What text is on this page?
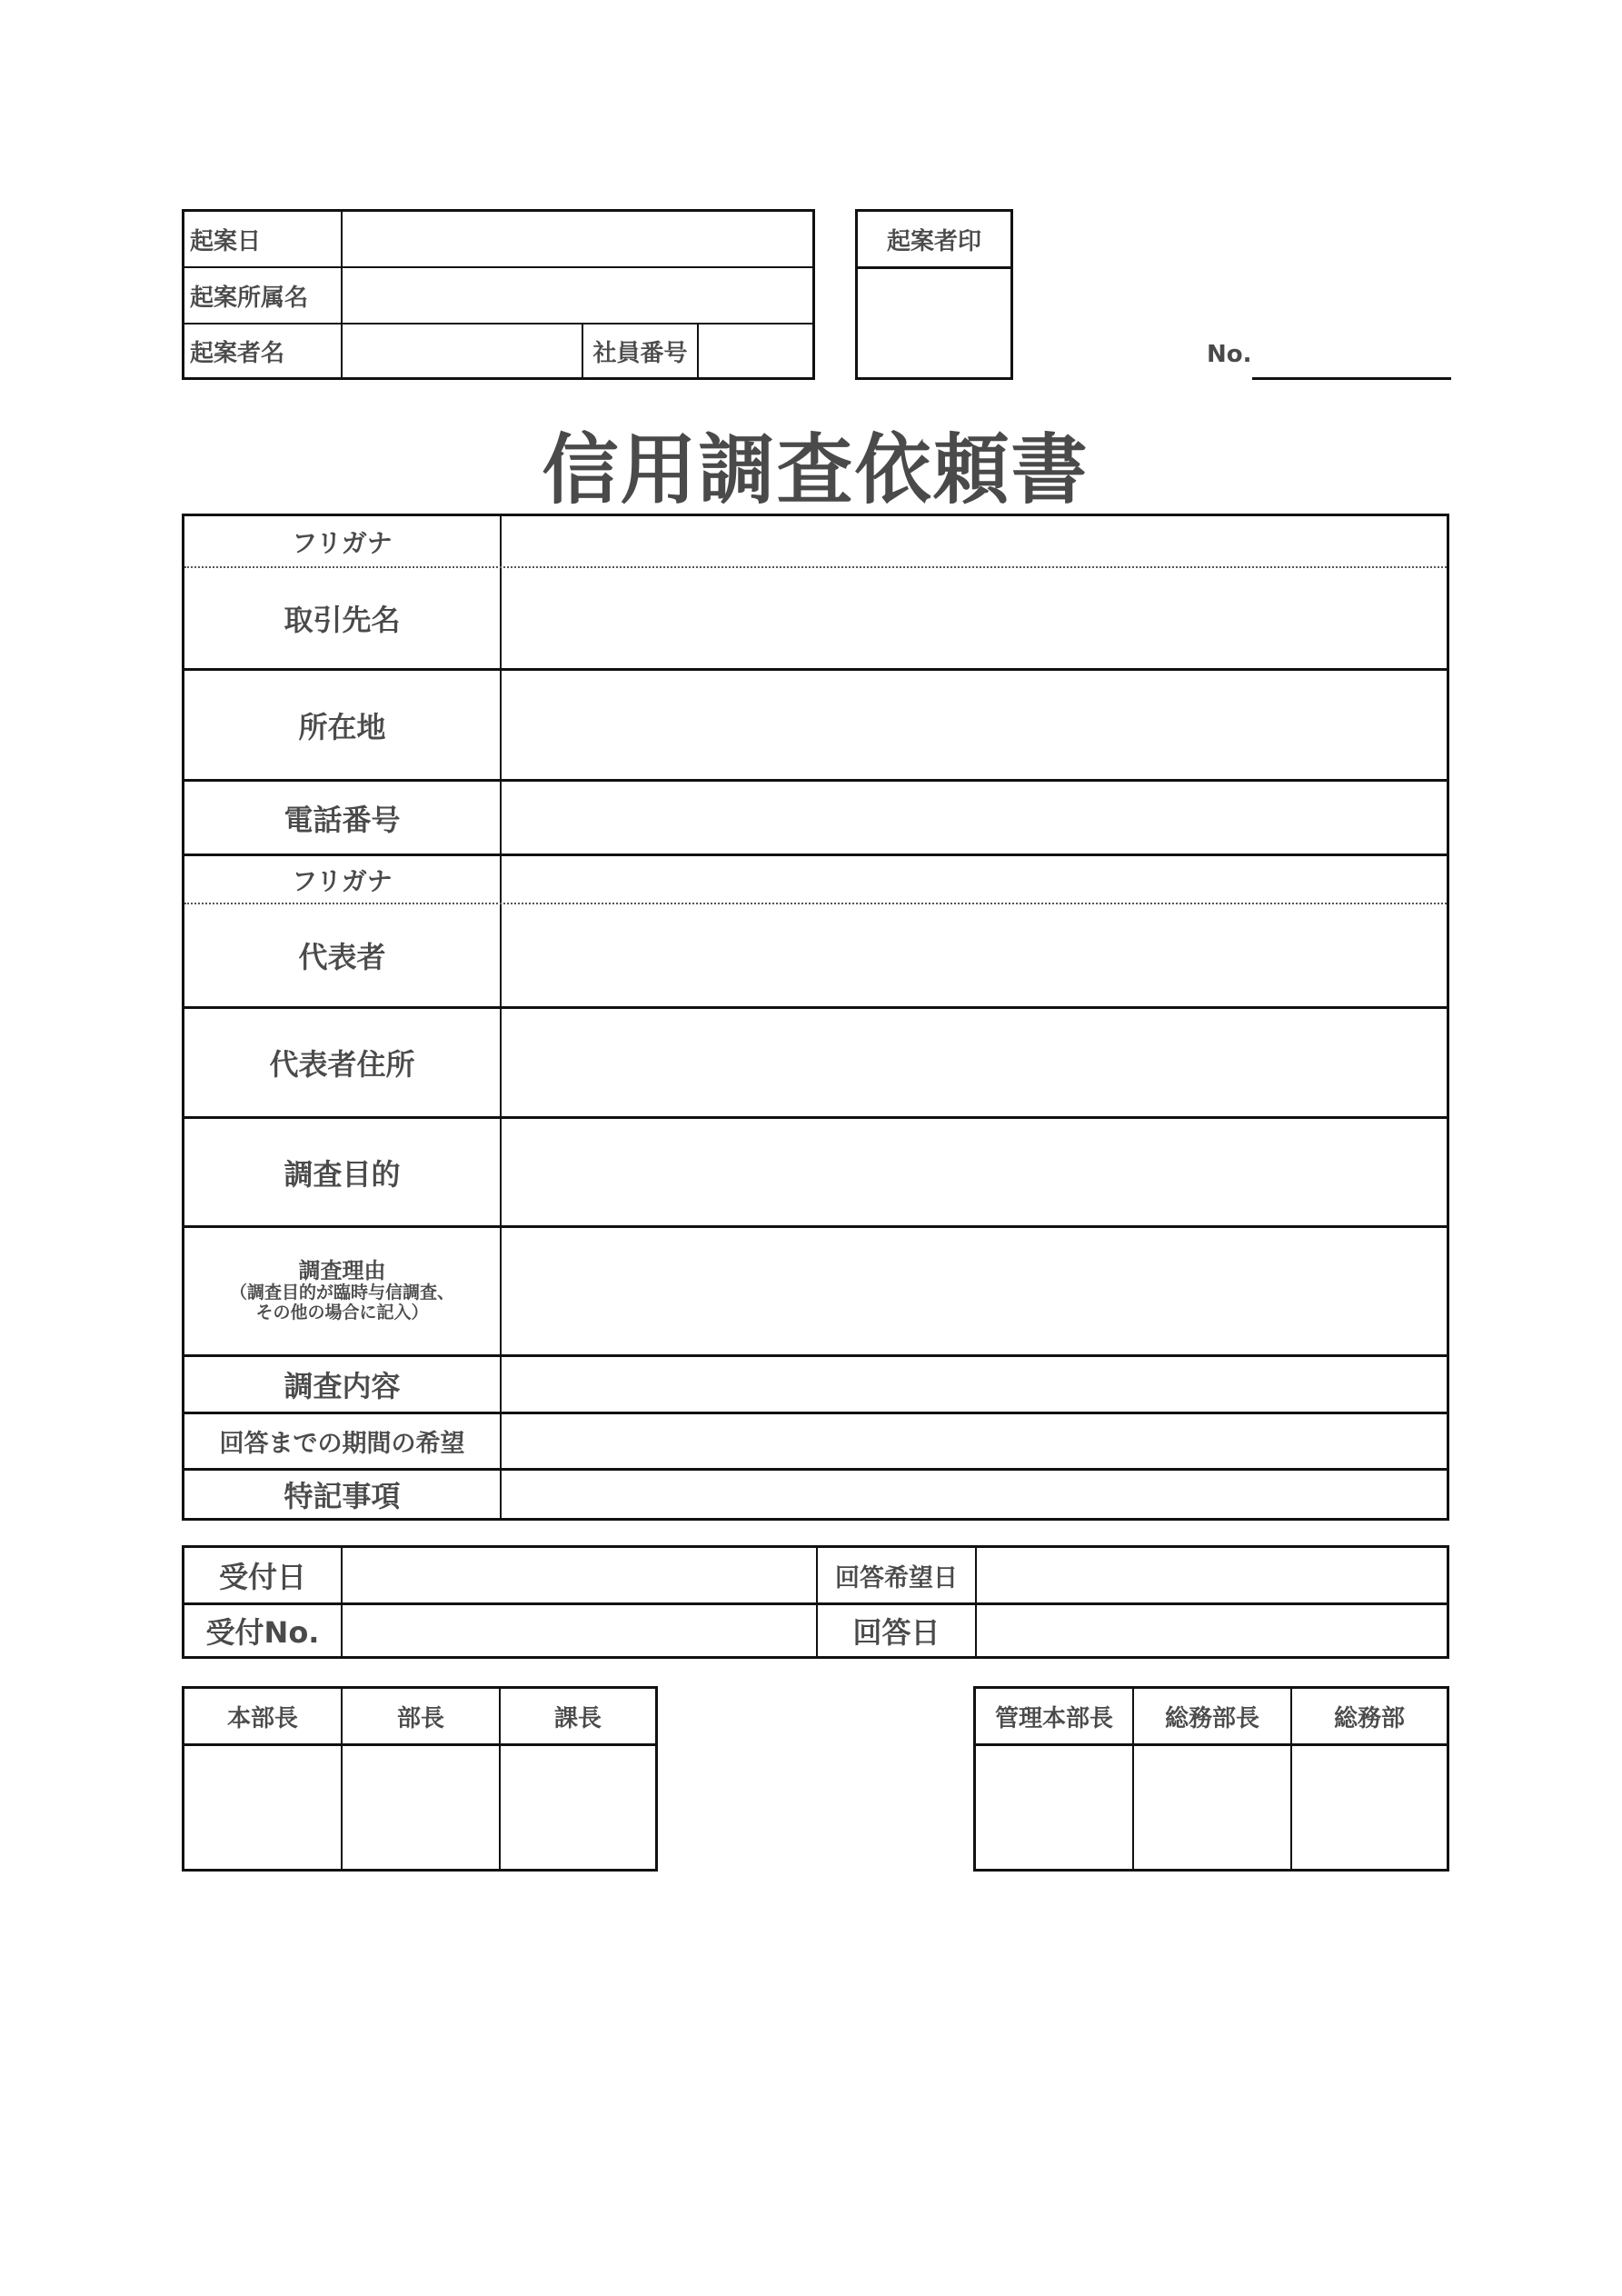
起案日
起案所属名
起案者名	社員番号
起案者印
No.
信用調査依頼書
フリガナ
取引先名
所在地
電話番号
フリガナ
代表者
代表者住所
調査目的
調査理由
（調査目的が臨時与信調査、
その他の場合に記入）
調査内容
回答までの期間の希望
特記事項
受付日	回答希望日
受付No.	回答日
本部長	部長	課長	管理本部長	総務部長	総務部
